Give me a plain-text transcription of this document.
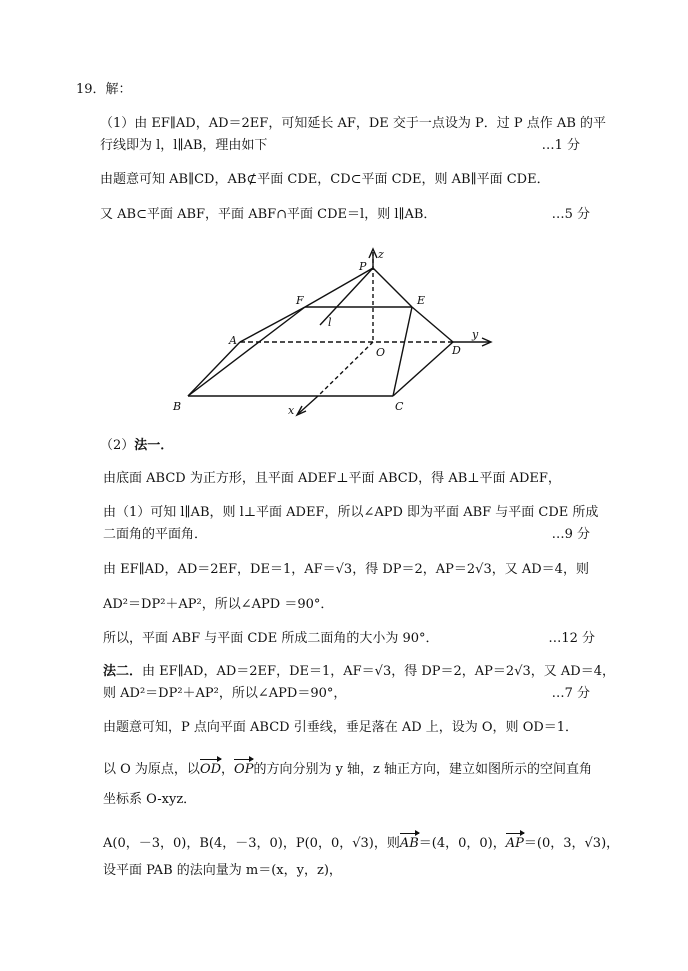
19．解：
（1）由 EF∥AD，AD＝2EF，可知延长 AF，DE 交于一点设为 P．过 P 点作 AB 的平
行线即为 l，l∥AB，理由如下	…1 分
由题意可知 AB∥CD，AB⊄平面 CDE，CD⊂平面 CDE，则 AB∥平面 CDE．
又 AB⊂平面 ABF，平面 ABF∩平面 CDE＝l，则 l∥AB．	…5 分
z
P
F	E
l
A
O	D
y
B	x	C
（2）法一．
由底面 ABCD 为正方形，且平面 ADEF⊥平面 ABCD，得 AB⊥平面 ADEF，
由（1）可知 l∥AB，则 l⊥平面 ADEF，所以∠APD 即为平面 ABF 与平面 CDE 所成
二面角的平面角．	…9 分
由 EF∥AD，AD＝2EF，DE＝1，AF＝√3，得 DP＝2，AP＝2√3，又 AD＝4，则
AD²＝DP²＋AP²，所以∠APD ＝90°．
所以，平面 ABF 与平面 CDE 所成二面角的大小为 90°．	…12 分
法二．由 EF∥AD，AD＝2EF，DE＝1，AF＝√3，得 DP＝2，AP＝2√3，又 AD＝4，
则 AD²＝DP²＋AP²，所以∠APD＝90°，	…7 分
由题意可知，P 点向平面 ABCD 引垂线，垂足落在 AD 上，设为 O，则 OD＝1．
以 O 为原点，以OD，OP的方向分别为 y 轴，z 轴正方向，建立如图所示的空间直角
坐标系 O-xyz．
A(0，－3，0)，B(4，－3，0)，P(0，0，√3)，则AB＝(4，0，0)，AP＝(0，3，√3)，
设平面 PAB 的法向量为 m＝(x，y，z)，
